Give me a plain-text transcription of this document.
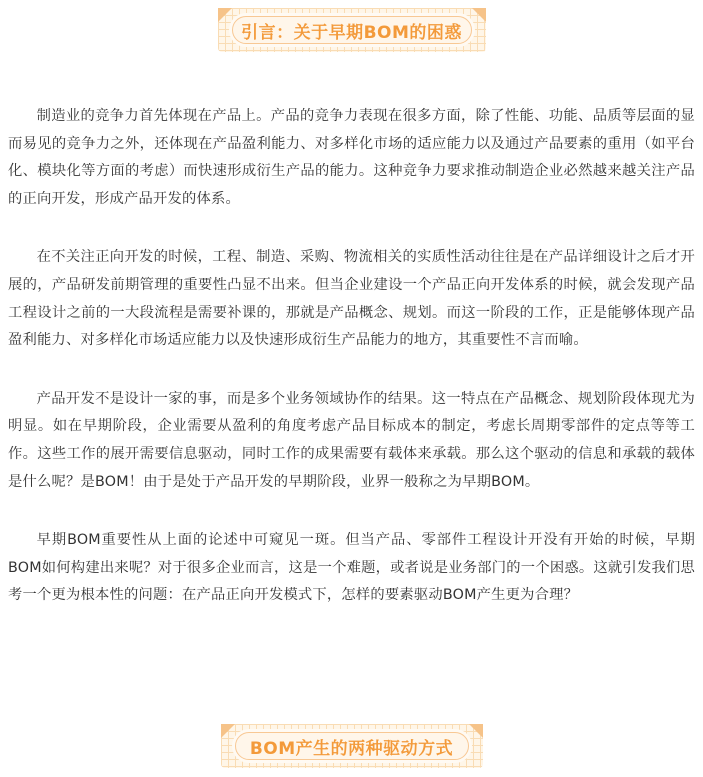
引言：关于早期BOM的困惑

制造业的竞争力首先体现在产品上。产品的竞争力表现在很多方面，除了性能、功能、品质等层面的显而易见的竞争力之外，还体现在产品盈利能力、对多样化市场的适应能力以及通过产品要素的重用（如平台化、模块化等方面的考虑）而快速形成衍生产品的能力。这种竞争力要求推动制造企业必然越来越关注产品的正向开发，形成产品开发的体系。

在不关注正向开发的时候，工程、制造、采购、物流相关的实质性活动往往是在产品详细设计之后才开展的，产品研发前期管理的重要性凸显不出来。但当企业建设一个产品正向开发体系的时候，就会发现产品工程设计之前的一大段流程是需要补课的，那就是产品概念、规划。而这一阶段的工作，正是能够体现产品盈利能力、对多样化市场适应能力以及快速形成衍生产品能力的地方，其重要性不言而喻。

产品开发不是设计一家的事，而是多个业务领域协作的结果。这一特点在产品概念、规划阶段体现尤为明显。如在早期阶段，企业需要从盈利的角度考虑产品目标成本的制定，考虑长周期零部件的定点等等工作。这些工作的展开需要信息驱动，同时工作的成果需要有载体来承载。那么这个驱动的信息和承载的载体是什么呢？是BOM！由于是处于产品开发的早期阶段，业界一般称之为早期BOM。

早期BOM重要性从上面的论述中可窥见一斑。但当产品、零部件工程设计开没有开始的时候，早期BOM如何构建出来呢？对于很多企业而言，这是一个难题，或者说是业务部门的一个困惑。这就引发我们思考一个更为根本性的问题：在产品正向开发模式下，怎样的要素驱动BOM产生更为合理？

BOM产生的两种驱动方式
